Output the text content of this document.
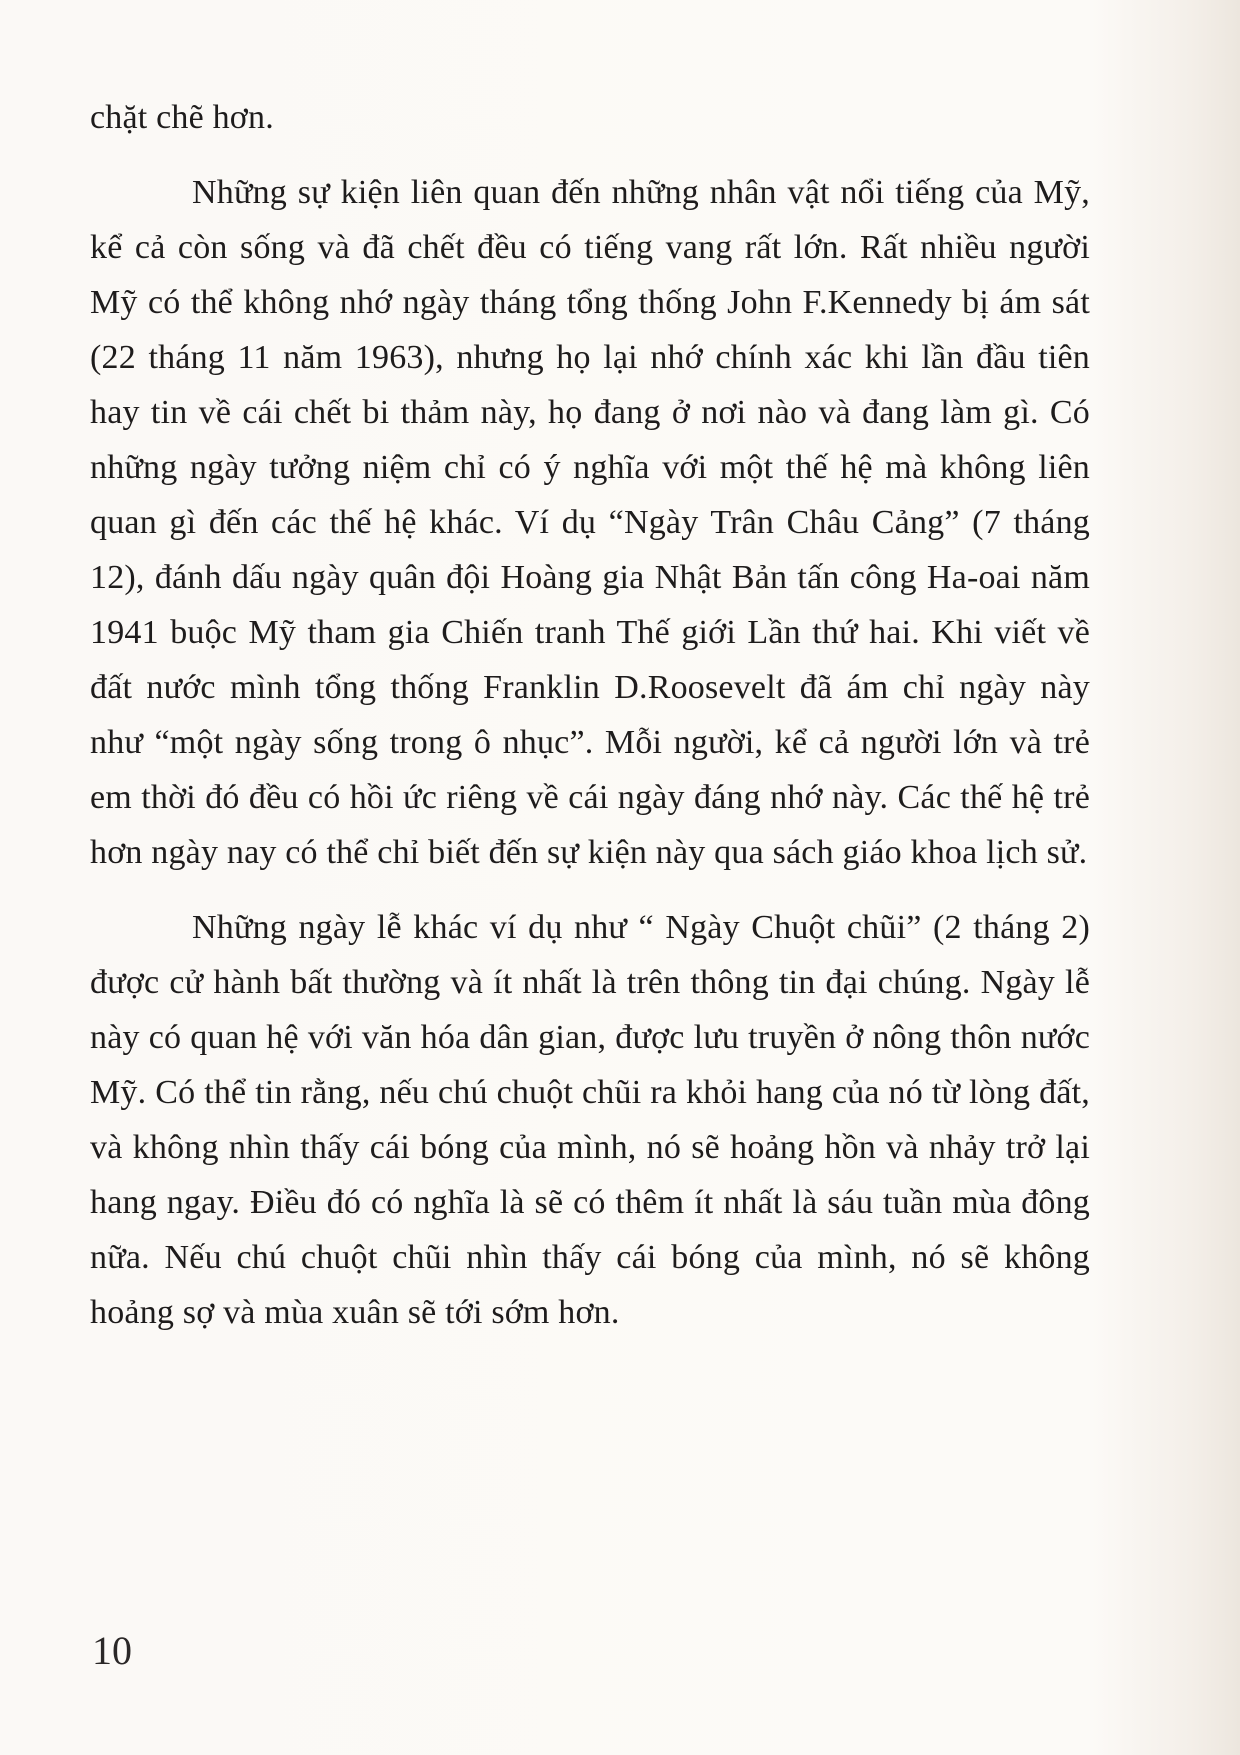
chặt chẽ hơn.

Những sự kiện liên quan đến những nhân vật nổi tiếng của Mỹ, kể cả còn sống và đã chết đều có tiếng vang rất lớn. Rất nhiều người Mỹ có thể không nhớ ngày tháng tổng thống John F.Kennedy bị ám sát (22 tháng 11 năm 1963), nhưng họ lại nhớ chính xác khi lần đầu tiên hay tin về cái chết bi thảm này, họ đang ở nơi nào và đang làm gì. Có những ngày tưởng niệm chỉ có ý nghĩa với một thế hệ mà không liên quan gì đến các thế hệ khác. Ví dụ “Ngày Trân Châu Cảng” (7 tháng 12), đánh dấu ngày quân đội Hoàng gia Nhật Bản tấn công Ha-oai năm 1941 buộc Mỹ tham gia Chiến tranh Thế giới Lần thứ hai. Khi viết về đất nước mình tổng thống Franklin D.Roosevelt đã ám chỉ ngày này như “một ngày sống trong ô nhục”. Mỗi người, kể cả người lớn và trẻ em thời đó đều có hồi ức riêng về cái ngày đáng nhớ này. Các thế hệ trẻ hơn ngày nay có thể chỉ biết đến sự kiện này qua sách giáo khoa lịch sử.

Những ngày lễ khác ví dụ như “ Ngày Chuột chũi” (2 tháng 2) được cử hành bất thường và ít nhất là trên thông tin đại chúng. Ngày lễ này có quan hệ với văn hóa dân gian, được lưu truyền ở nông thôn nước Mỹ. Có thể tin rằng, nếu chú chuột chũi ra khỏi hang của nó từ lòng đất, và không nhìn thấy cái bóng của mình, nó sẽ hoảng hồn và nhảy trở lại hang ngay. Điều đó có nghĩa là sẽ có thêm ít nhất là sáu tuần mùa đông nữa. Nếu chú chuột chũi nhìn thấy cái bóng của mình, nó sẽ không hoảng sợ và mùa xuân sẽ tới sớm hơn.

10
